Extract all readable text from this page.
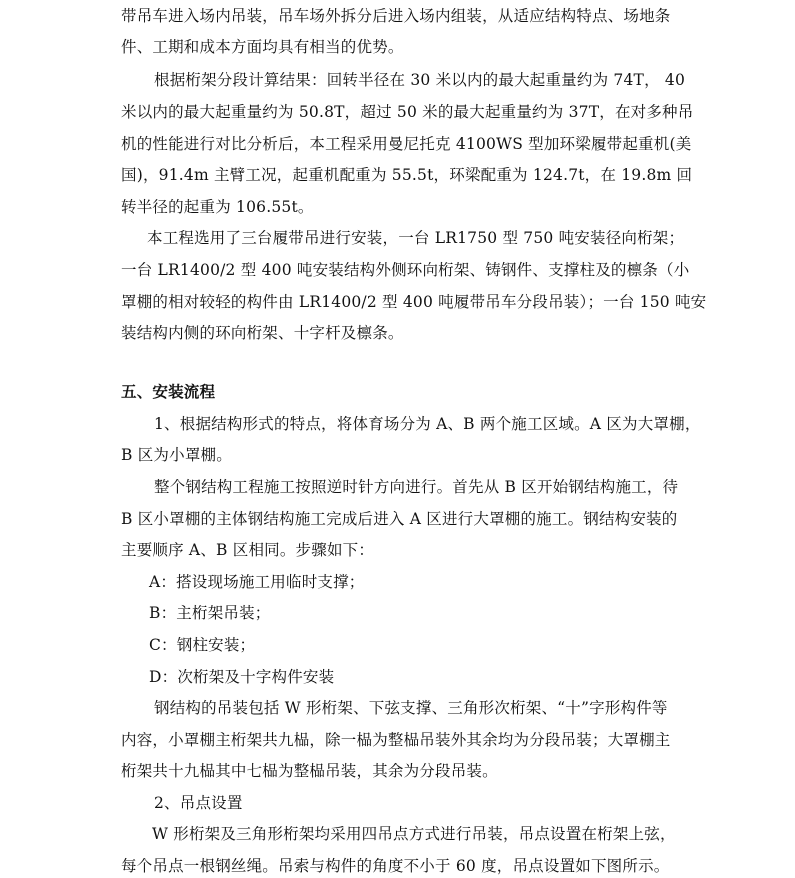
带吊车进入场内吊装，吊车场外拆分后进入场内组装，从适应结构特点、场地条
件、工期和成本方面均具有相当的优势。
根据桁架分段计算结果：回转半径在 30 米以内的最大起重量约为 74T， 40
米以内的最大起重量约为 50.8T，超过 50 米的最大起重量约为 37T，在对多种吊
机的性能进行对比分析后，本工程采用曼尼托克 4100WS 型加环梁履带起重机(美
国)，91.4m 主臂工况，起重机配重为 55.5t，环梁配重为 124.7t，在 19.8m 回
转半径的起重为 106.55t。
本工程选用了三台履带吊进行安装，一台 LR1750 型 750 吨安装径向桁架；
一台 LR1400/2 型 400 吨安装结构外侧环向桁架、铸钢件、支撑柱及的檩条（小
罩棚的相对较轻的构件由 LR1400/2 型 400 吨履带吊车分段吊装）；一台 150 吨安
装结构内侧的环向桁架、十字杆及檩条。
五、安装流程
1、根据结构形式的特点，将体育场分为 A、B 两个施工区域。A 区为大罩棚，
B 区为小罩棚。
整个钢结构工程施工按照逆时针方向进行。首先从 B 区开始钢结构施工，待
B 区小罩棚的主体钢结构施工完成后进入 A 区进行大罩棚的施工。钢结构安装的
主要顺序 A、B 区相同。步骤如下：
A：搭设现场施工用临时支撑；
B：主桁架吊装；
C：钢柱安装；
D：次桁架及十字构件安装
钢结构的吊装包括 W 形桁架、下弦支撑、三角形次桁架、“十”字形构件等
内容，小罩棚主桁架共九榀，除一榀为整榀吊装外其余均为分段吊装；大罩棚主
桁架共十九榀其中七榀为整榀吊装，其余为分段吊装。
2、吊点设置
W 形桁架及三角形桁架均采用四吊点方式进行吊装，吊点设置在桁架上弦，
每个吊点一根钢丝绳。吊索与构件的角度不小于 60 度，吊点设置如下图所示。
